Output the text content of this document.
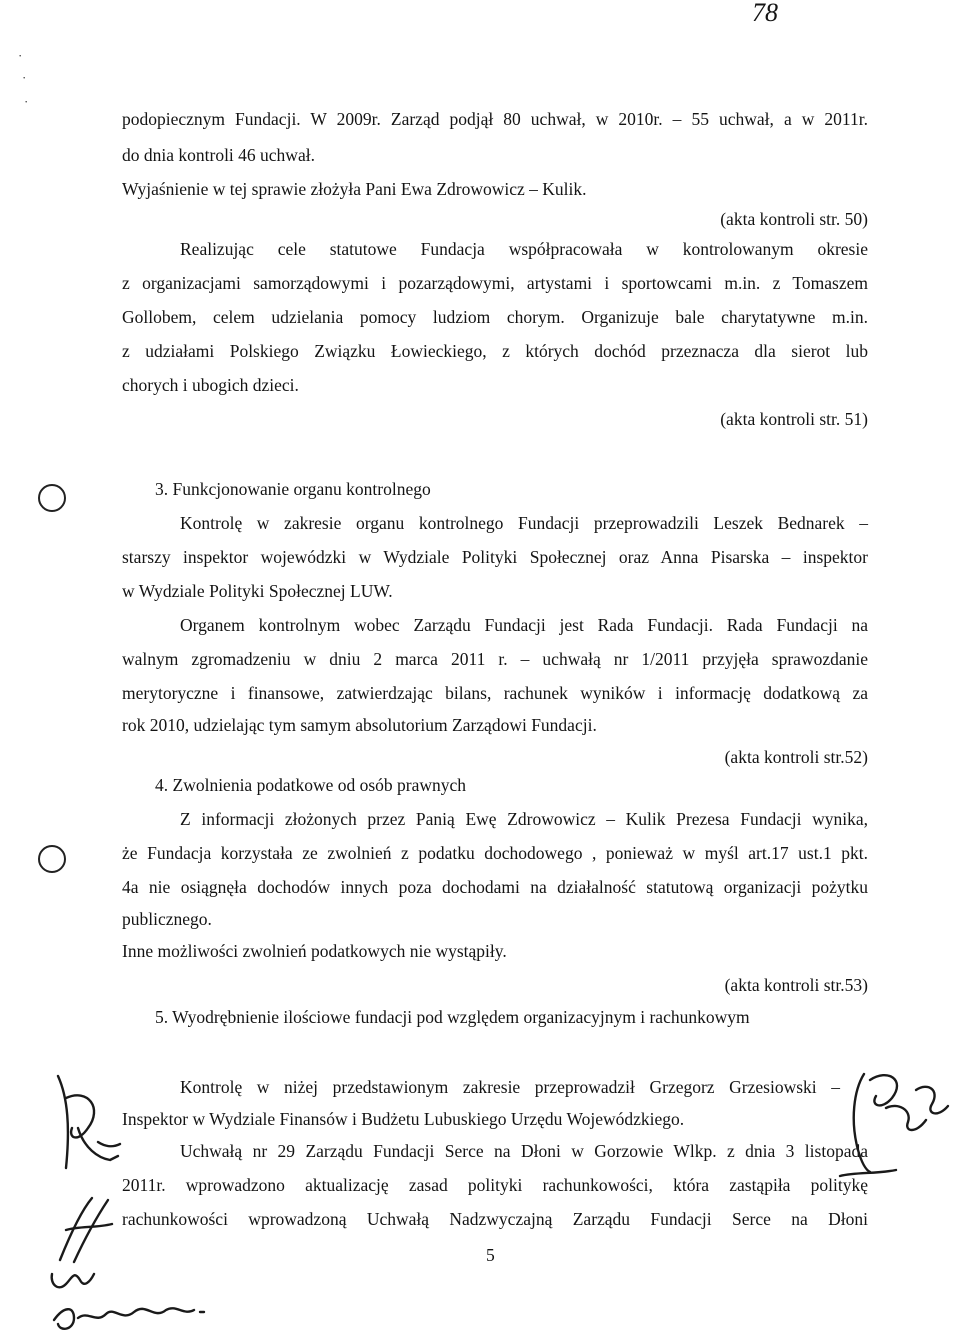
78
·
·
·
podopiecznym Fundacji. W 2009r. Zarząd podjął 80 uchwał, w 2010r. – 55 uchwał, a w 2011r.
do dnia kontroli 46 uchwał.
Wyjaśnienie w tej sprawie złożyła Pani Ewa Zdrowowicz – Kulik.
(akta kontroli str. 50)
Realizując cele statutowe Fundacja współpracowała w kontrolowanym okresie
z organizacjami samorządowymi i pozarządowymi, artystami i sportowcami m.in. z Tomaszem
Gollobem, celem udzielania pomocy ludziom chorym. Organizuje bale charytatywne m.in.
z udziałami Polskiego Związku Łowieckiego, z których dochód przeznacza dla sierot lub
chorych i ubogich dzieci.
(akta kontroli str. 51)
3. Funkcjonowanie organu kontrolnego
Kontrolę w zakresie organu kontrolnego Fundacji przeprowadzili Leszek Bednarek –
starszy inspektor wojewódzki w Wydziale Polityki Społecznej oraz Anna Pisarska – inspektor
w Wydziale Polityki Społecznej LUW.
Organem kontrolnym wobec Zarządu Fundacji jest Rada Fundacji. Rada Fundacji na
walnym zgromadzeniu w dniu 2 marca 2011 r. – uchwałą nr 1/2011 przyjęła sprawozdanie
merytoryczne i finansowe, zatwierdzając bilans, rachunek wyników i informację dodatkową za
rok 2010, udzielając tym samym absolutorium Zarządowi Fundacji.
(akta kontroli str.52)
4. Zwolnienia podatkowe od osób prawnych
Z informacji złożonych przez Panią Ewę Zdrowowicz – Kulik Prezesa Fundacji wynika,
że Fundacja korzystała ze zwolnień z podatku dochodowego , ponieważ w myśl art.17 ust.1 pkt.
4a nie osiągnęła dochodów innych poza dochodami na działalność statutową organizacji pożytku
publicznego.
Inne możliwości zwolnień podatkowych nie wystąpiły.
(akta kontroli str.53)
5. Wyodrębnienie ilościowe fundacji pod względem organizacyjnym i rachunkowym
Kontrolę w niżej przedstawionym zakresie przeprowadził Grzegorz Grzesiowski –
Inspektor w Wydziale Finansów i Budżetu Lubuskiego Urzędu Wojewódzkiego.
Uchwałą nr 29 Zarządu Fundacji Serce na Dłoni w Gorzowie Wlkp. z dnia 3 listopada
2011r. wprowadzono aktualizację zasad polityki rachunkowości, która zastąpiła politykę
rachunkowości wprowadzoną Uchwałą Nadzwyczajną Zarządu Fundacji Serce na Dłoni
5
